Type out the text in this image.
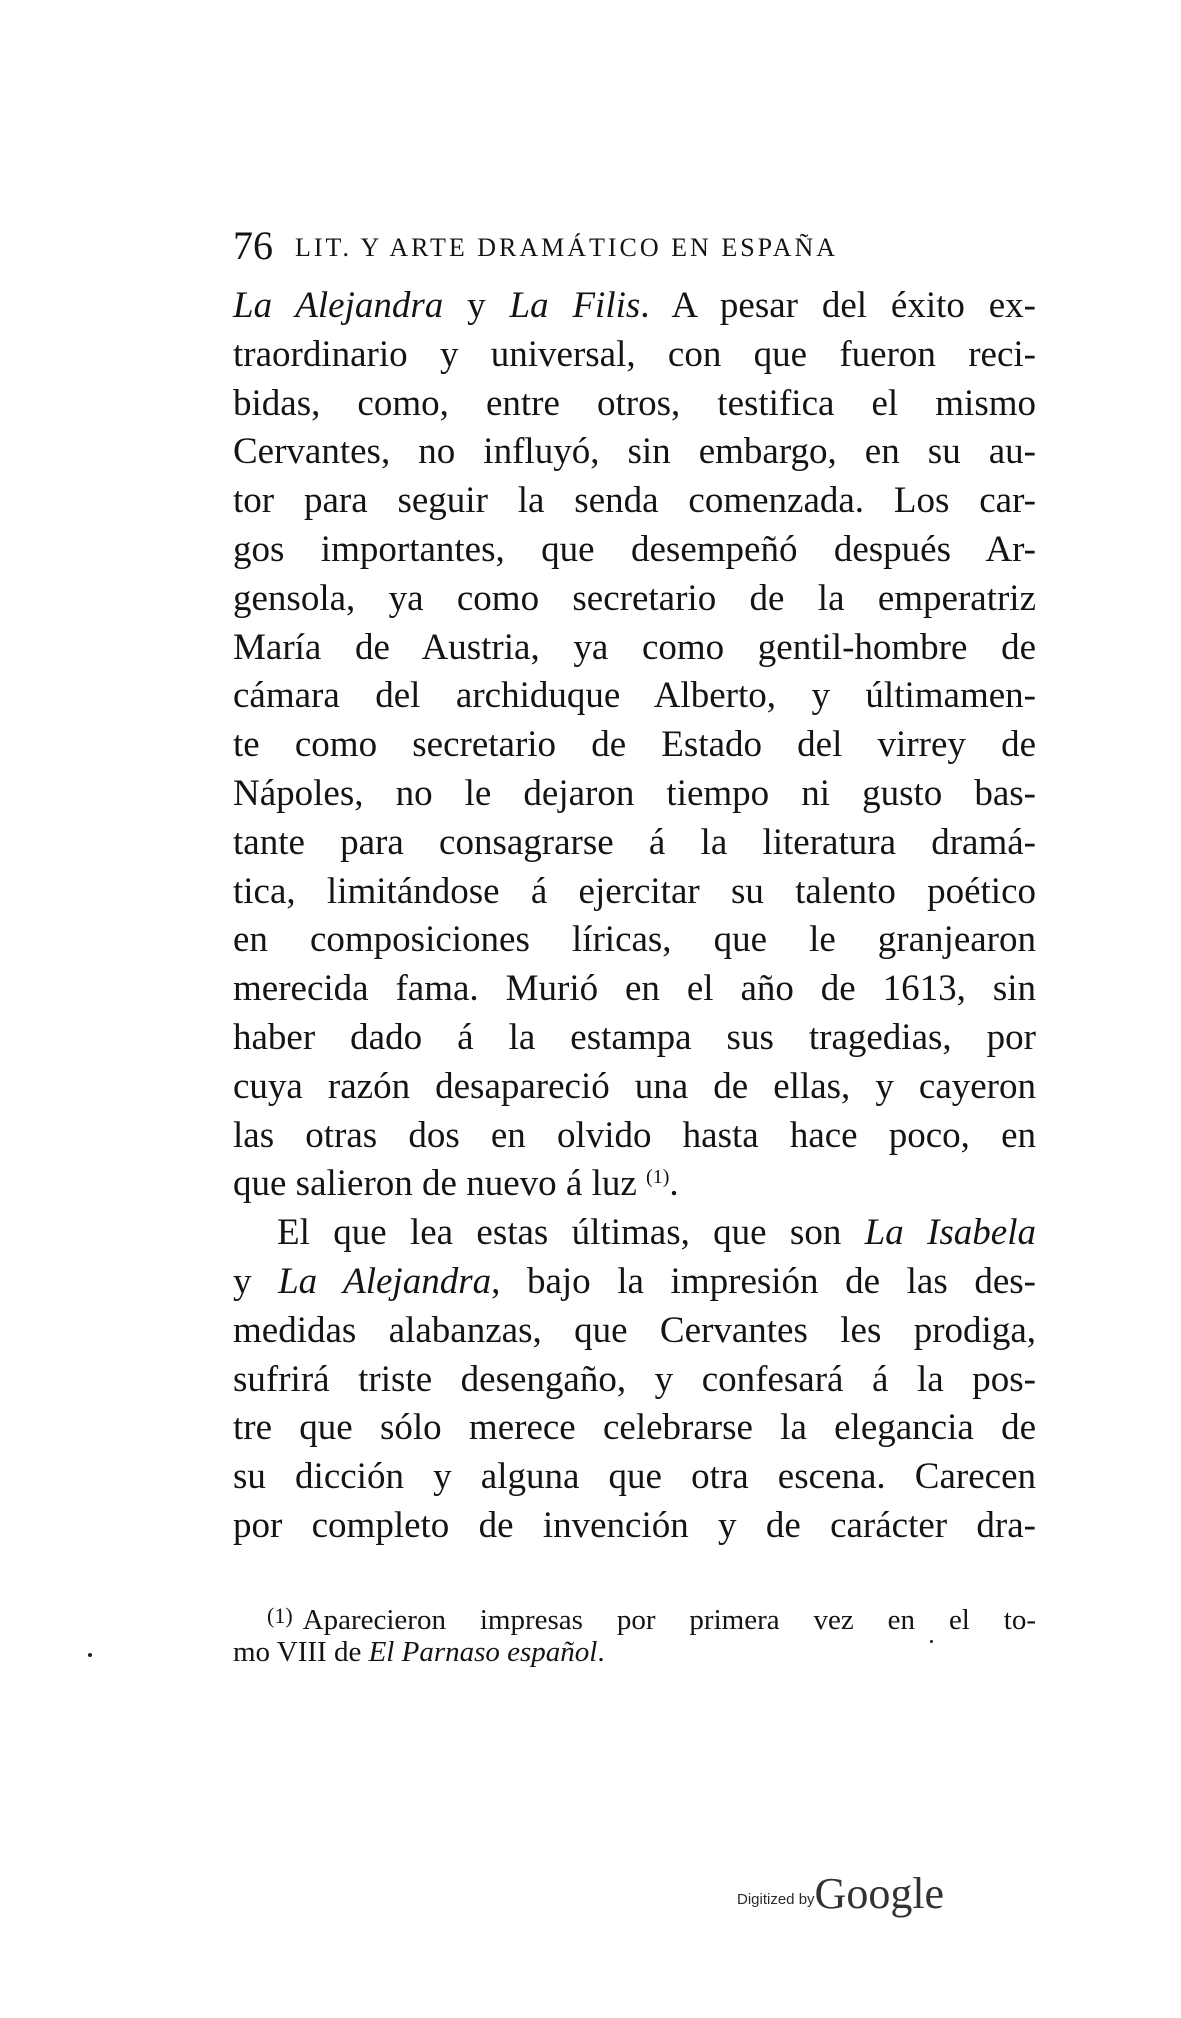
76 LIT. Y ARTE DRAMÁTICO EN ESPAÑA
La Alejandra y La Filis. A pesar del éxito ex-
traordinario y universal, con que fueron reci-
bidas, como, entre otros, testifica el mismo
Cervantes, no influyó, sin embargo, en su au-
tor para seguir la senda comenzada. Los car-
gos importantes, que desempeñó después Ar-
gensola, ya como secretario de la emperatriz
María de Austria, ya como gentil-hombre de
cámara del archiduque Alberto, y últimamen-
te como secretario de Estado del virrey de
Nápoles, no le dejaron tiempo ni gusto bas-
tante para consagrarse á la literatura dramá-
tica, limitándose á ejercitar su talento poético
en composiciones líricas, que le granjearon
merecida fama. Murió en el año de 1613, sin
haber dado á la estampa sus tragedias, por
cuya razón desapareció una de ellas, y cayeron
las otras dos en olvido hasta hace poco, en
que salieron de nuevo á luz $^{(1)}$.
El que lea estas últimas, que son La Isabela
y La Alejandra, bajo la impresión de las des-
medidas alabanzas, que Cervantes les prodiga,
sufrirá triste desengaño, y confesará á la pos-
tre que sólo merece celebrarse la elegancia de
su dicción y alguna que otra escena. Carecen
por completo de invención y de carácter dra-
$^{(1)}$ Aparecieron impresas por primera vez en el to-
mo VIII de El Parnaso español.
Digitized byGoogle
